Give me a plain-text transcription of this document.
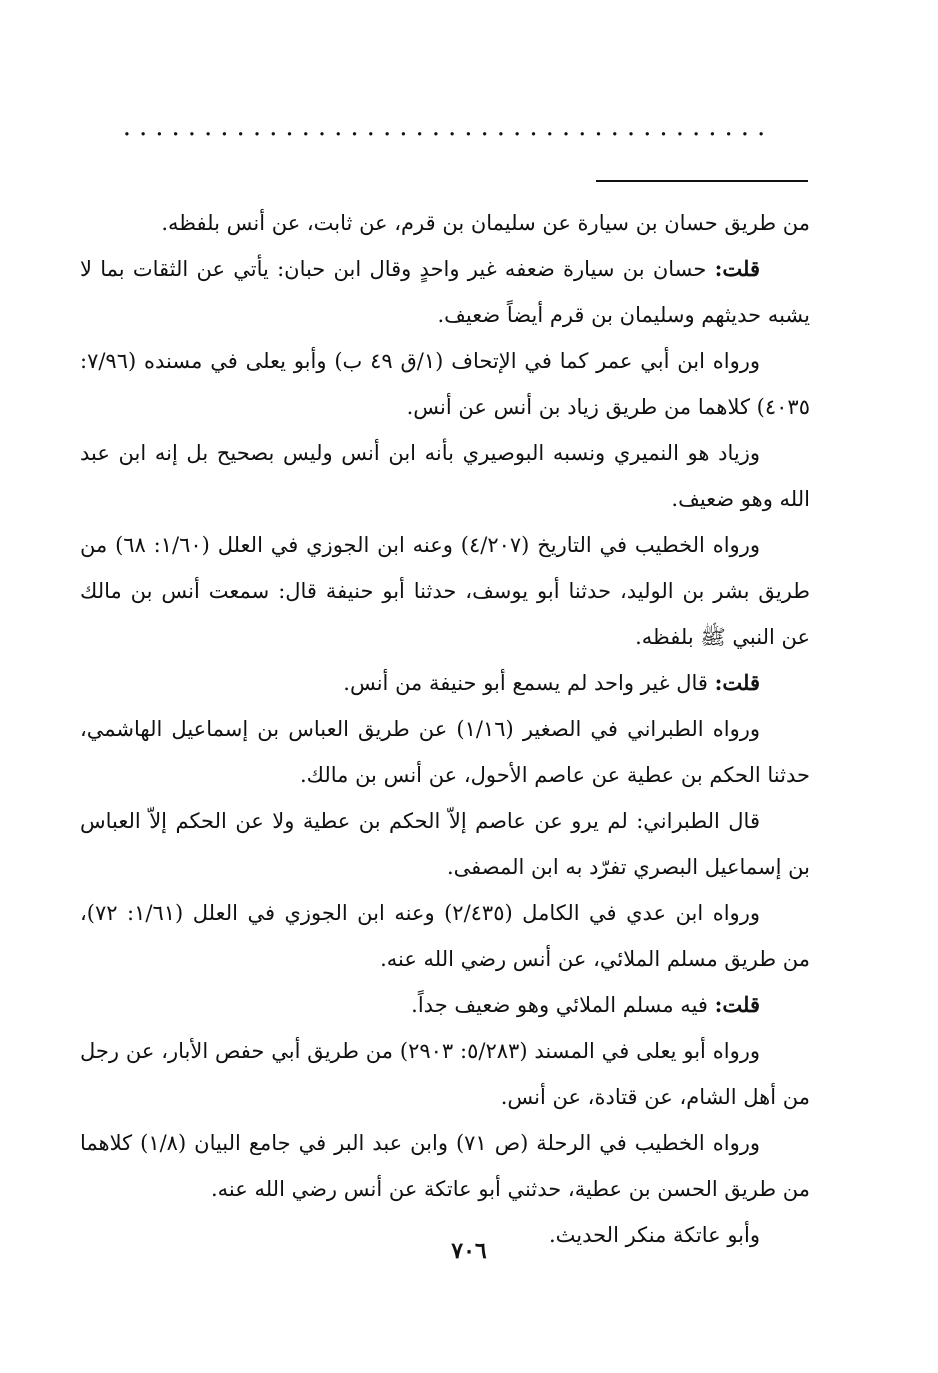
........................................

من طريق حسان بن سيارة عن سليمان بن قرم، عن ثابت، عن أنس بلفظه.

قلت: حسان بن سيارة ضعفه غير واحدٍ وقال ابن حبان: يأتي عن الثقات بما لا يشبه حديثهم وسليمان بن قرم أيضاً ضعيف.

ورواه ابن أبي عمر كما في الإتحاف (١/ق ٤٩ ب) وأبو يعلى في مسنده (٧/٩٦: ٤٠٣٥) كلاهما من طريق زياد بن أنس عن أنس.

وزياد هو النميري ونسبه البوصيري بأنه ابن أنس وليس بصحيح بل إنه ابن عبد الله وهو ضعيف.

ورواه الخطيب في التاريخ (٤/٢٠٧) وعنه ابن الجوزي في العلل (١/٦٠: ٦٨) من طريق بشر بن الوليد، حدثنا أبو يوسف، حدثنا أبو حنيفة قال: سمعت أنس بن مالك عن النبي ﷺ بلفظه.

قلت: قال غير واحد لم يسمع أبو حنيفة من أنس.

ورواه الطبراني في الصغير (١/١٦) عن طريق العباس بن إسماعيل الهاشمي، حدثنا الحكم بن عطية عن عاصم الأحول، عن أنس بن مالك.

قال الطبراني: لم يرو عن عاصم إلاّ الحكم بن عطية ولا عن الحكم إلاّ العباس بن إسماعيل البصري تفرّد به ابن المصفى.

ورواه ابن عدي في الكامل (٢/٤٣٥) وعنه ابن الجوزي في العلل (١/٦١: ٧٢)، من طريق مسلم الملائي، عن أنس رضي الله عنه.

قلت: فيه مسلم الملائي وهو ضعيف جداً.

ورواه أبو يعلى في المسند (٥/٢٨٣: ٢٩٠٣) من طريق أبي حفص الأبار، عن رجل من أهل الشام، عن قتادة، عن أنس.

ورواه الخطيب في الرحلة (ص ٧١) وابن عبد البر في جامع البيان (١/٨) كلاهما من طريق الحسن بن عطية، حدثني أبو عاتكة عن أنس رضي الله عنه.

وأبو عاتكة منكر الحديث.

٧٠٦
